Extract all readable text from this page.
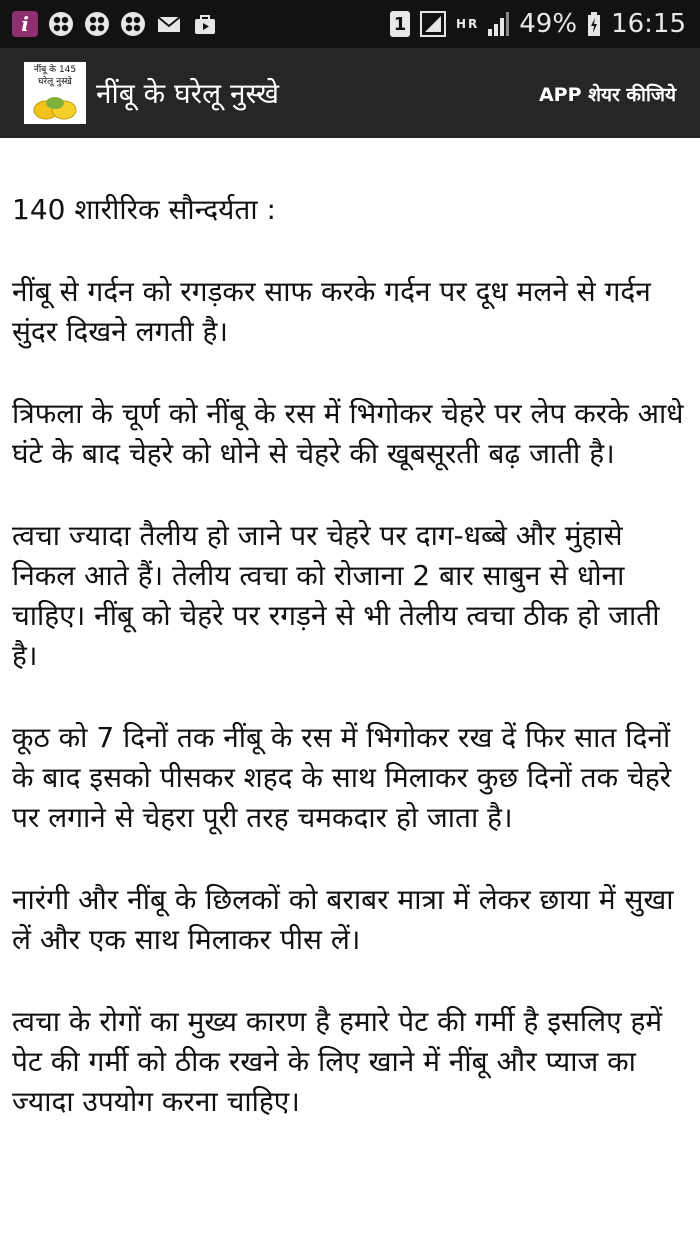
i	1	H R 49% 16:15
नींबू के 145
घरेलू नुस्खे नींबू के घरेलू नुस्खे	APP शेयर कीजिये

140 शारीरिक सौन्दर्यता :

नींबू से गर्दन को रगड़कर साफ करके गर्दन पर दूध मलने से गर्दन सुंदर दिखने लगती है।

त्रिफला के चूर्ण को नींबू के रस में भिगोकर चेहरे पर लेप करके आधे घंटे के बाद चेहरे को धोने से चेहरे की खूबसूरती बढ़ जाती है।

त्वचा ज्यादा तैलीय हो जाने पर चेहरे पर दाग-धब्बे और मुंहासे निकल आते हैं। तेलीय त्वचा को रोजाना 2 बार साबुन से धोना चाहिए। नींबू को चेहरे पर रगड़ने से भी तेलीय त्वचा ठीक हो जाती है।

कूठ को 7 दिनों तक नींबू के रस में भिगोकर रख दें फिर सात दिनों के बाद इसको पीसकर शहद के साथ मिलाकर कुछ दिनों तक चेहरे पर लगाने से चेहरा पूरी तरह चमकदार हो जाता है।

नारंगी और नींबू के छिलकों को बराबर मात्रा में लेकर छाया में सुखा लें और एक साथ मिलाकर पीस लें।

त्वचा के रोगों का मुख्य कारण है हमारे पेट की गर्मी है इसलिए हमें पेट की गर्मी को ठीक रखने के लिए खाने में नींबू और प्याज का ज्यादा उपयोग करना चाहिए।
